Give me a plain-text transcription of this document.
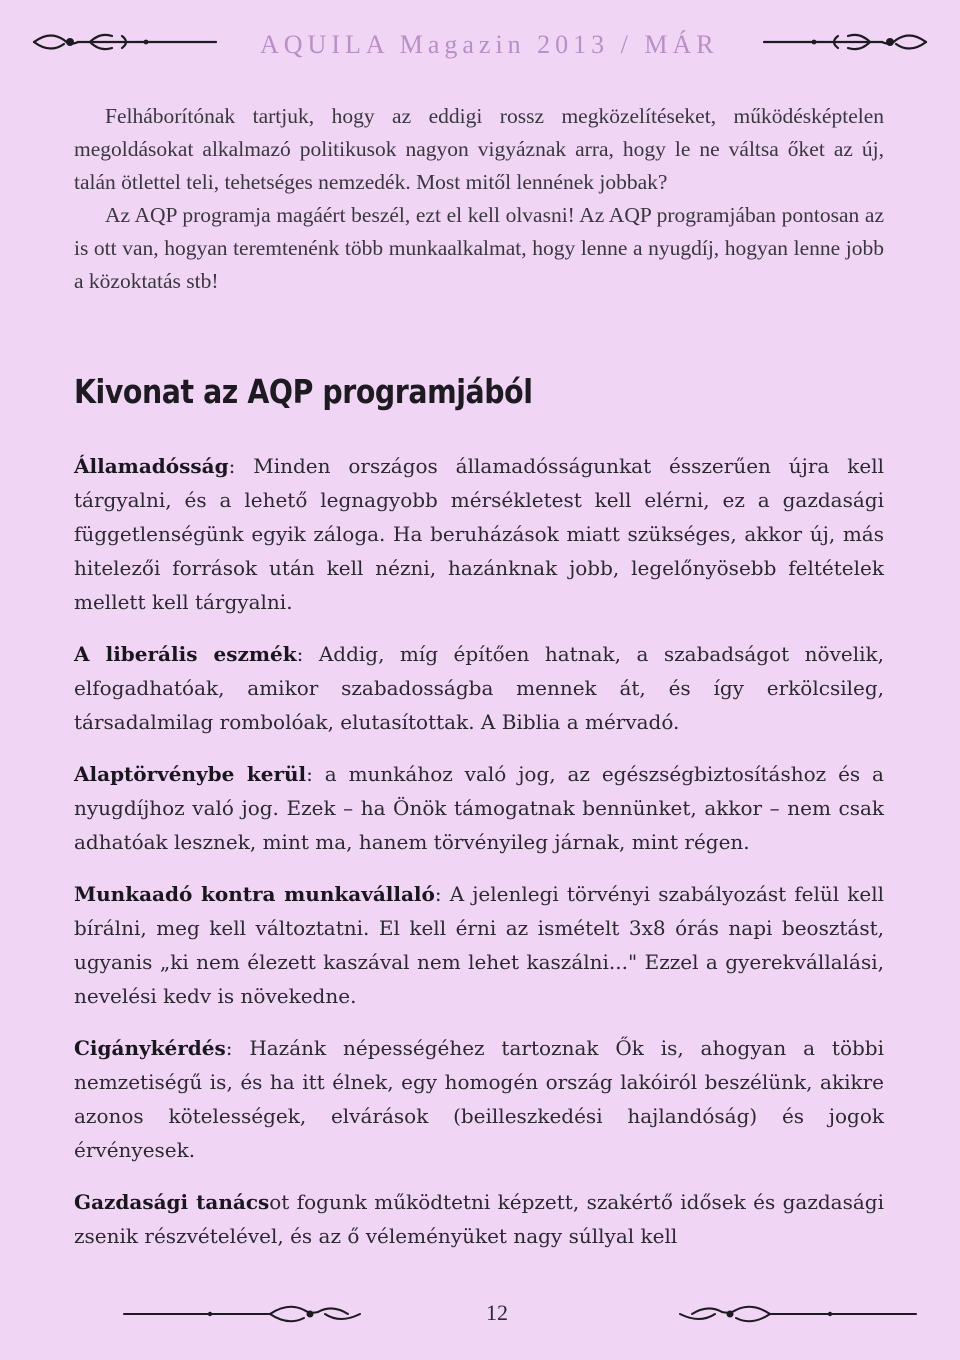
AQUILA Magazin 2013 / MÁR

Felháborítónak tartjuk, hogy az eddigi rossz megközelítéseket, működésképtelen megoldásokat alkalmazó politikusok nagyon vigyáznak arra, hogy le ne váltsa őket az új, talán ötlettel teli, tehetséges nemzedék. Most mitől lennének jobbak?

Az AQP programja magáért beszél, ezt el kell olvasni! Az AQP programjában pontosan az is ott van, hogyan teremtenénk több munkaalkalmat, hogy lenne a nyugdíj, hogyan lenne jobb a közoktatás stb!

Kivonat az AQP programjából

Államadósság: Minden országos államadósságunkat ésszerűen újra kell tárgyalni, és a lehető legnagyobb mérsékletest kell elérni, ez a gazdasági függetlenségünk egyik záloga. Ha beruházások miatt szükséges, akkor új, más hitelezői források után kell nézni, hazánknak jobb, legelőnyösebb feltételek mellett kell tárgyalni.

A liberális eszmék: Addig, míg építően hatnak, a szabadságot növelik, elfogadhatóak, amikor szabadosságba mennek át, és így erkölcsileg, társadalmilag rombolóak, elutasítottak. A Biblia a mérvadó.

Alaptörvénybe kerül: a munkához való jog, az egészségbiztosításhoz és a nyugdíjhoz való jog. Ezek – ha Önök támogatnak bennünket, akkor – nem csak adhatóak lesznek, mint ma, hanem törvényileg járnak, mint régen.

Munkaadó kontra munkavállaló: A jelenlegi törvényi szabályozást felül kell bírálni, meg kell változtatni. El kell érni az ismételt 3x8 órás napi beosztást, ugyanis „ki nem élezett kaszával nem lehet kaszálni..." Ezzel a gyerekvállalási, nevelési kedv is növekedne.

Cigánykérdés: Hazánk népességéhez tartoznak Ők is, ahogyan a többi nemzetiségű is, és ha itt élnek, egy homogén ország lakóiról beszélünk, akikre azonos kötelességek, elvárások (beilleszkedési hajlandóság) és jogok érvényesek.

Gazdasági tanácsot fogunk működtetni képzett, szakértő idősek és gazdasági zsenik részvételével, és az ő véleményüket nagy súllyal kell

12
